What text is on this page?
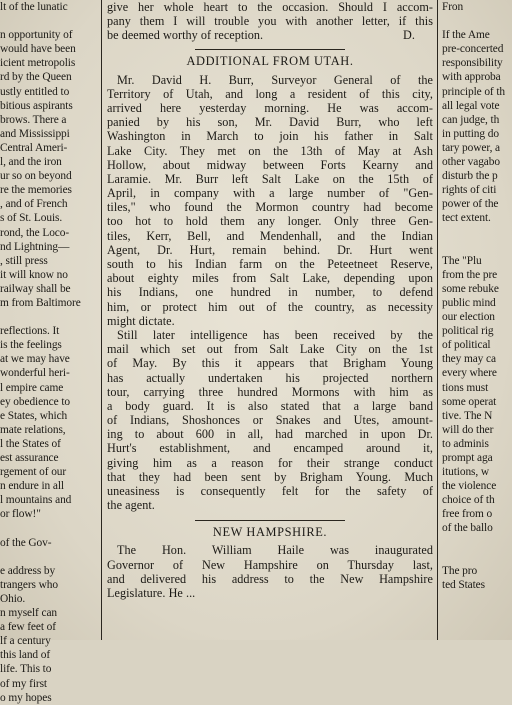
lt of the lunatic
n opportunity of
would have been
icient metropolis
rd by the Queen
ustly entitled to
bitious aspirants
brows. There a
and Mississippi
Central Ameri-
l, and the iron
ur so on beyond
re the memories
, and of French
s of St. Louis.
rond, the Loco-
nd Lightning—
, still press
it will know no
railway shall be
m from Baltimore
reflections. It
is the feelings
at we may have
wonderful heri-
l empire came
ey obedience to
e States, which
mate relations,
l the States of
est assurance
rgement of our
n endure in all
l mountains and
or flow!"
of the Gov-
e address by
trangers who
Ohio.
n myself can
a few feet of
lf a century
this land of
life. This to
of my first
o my hopes
give her whole heart to the occasion. Should I accom-
pany them I will trouble you with another letter, if this
be deemed worthy of reception.	D.
ADDITIONAL FROM UTAH.
Mr. David H. Burr, Surveyor General of the
Territory of Utah, and long a resident of this city,
arrived here yesterday morning. He was accom-
panied by his son, Mr. David Burr, who left
Washington in March to join his father in Salt
Lake City. They met on the 13th of May at Ash
Hollow, about midway between Forts Kearny and
Laramie. Mr. Burr left Salt Lake on the 15th of
April, in company with a large number of "Gen-
tiles," who found the Mormon country had become
too hot to hold them any longer. Only three Gen-
tiles, Kerr, Bell, and Mendenhall, and the Indian
Agent, Dr. Hurt, remain behind. Dr. Hurt went
south to his Indian farm on the Peteetneet Reserve,
about eighty miles from Salt Lake, depending upon
his Indians, one hundred in number, to defend
him, or protect him out of the country, as necessity
might dictate.
Still later intelligence has been received by the
mail which set out from Salt Lake City on the 1st
of May. By this it appears that Brigham Young
has actually undertaken his projected northern
tour, carrying three hundred Mormons with him as
a body guard. It is also stated that a large band
of Indians, Shoshonces or Snakes and Utes, amount-
ing to about 600 in all, had marched in upon Dr.
Hurt's establishment, and encamped around it,
giving him as a reason for their strange conduct
that they had been sent by Brigham Young. Much
uneasiness is consequently felt for the safety of
the agent.
NEW HAMPSHIRE.
The Hon. William Haile was inaugurated
Governor of New Hampshire on Thursday last,
and delivered his address to the New Hampshire
Legislature. He ...
Fron
If the Ame
pre-concerted
responsibility
with approba
principle of th
all legal vote
can judge, th
in putting do
tary power, a
other vagabo
disturb the p
rights of citi
power of the
tect extent.
The "Plu
from the pre
some rebuke
public mind
our election
political rig
of political
they may ca
every where
tions must
some operat
tive. The N
will do ther
to adminis
prompt aga
itutions, w
the violence
choice of th
free from o
of the ballo
The pro
ted States
